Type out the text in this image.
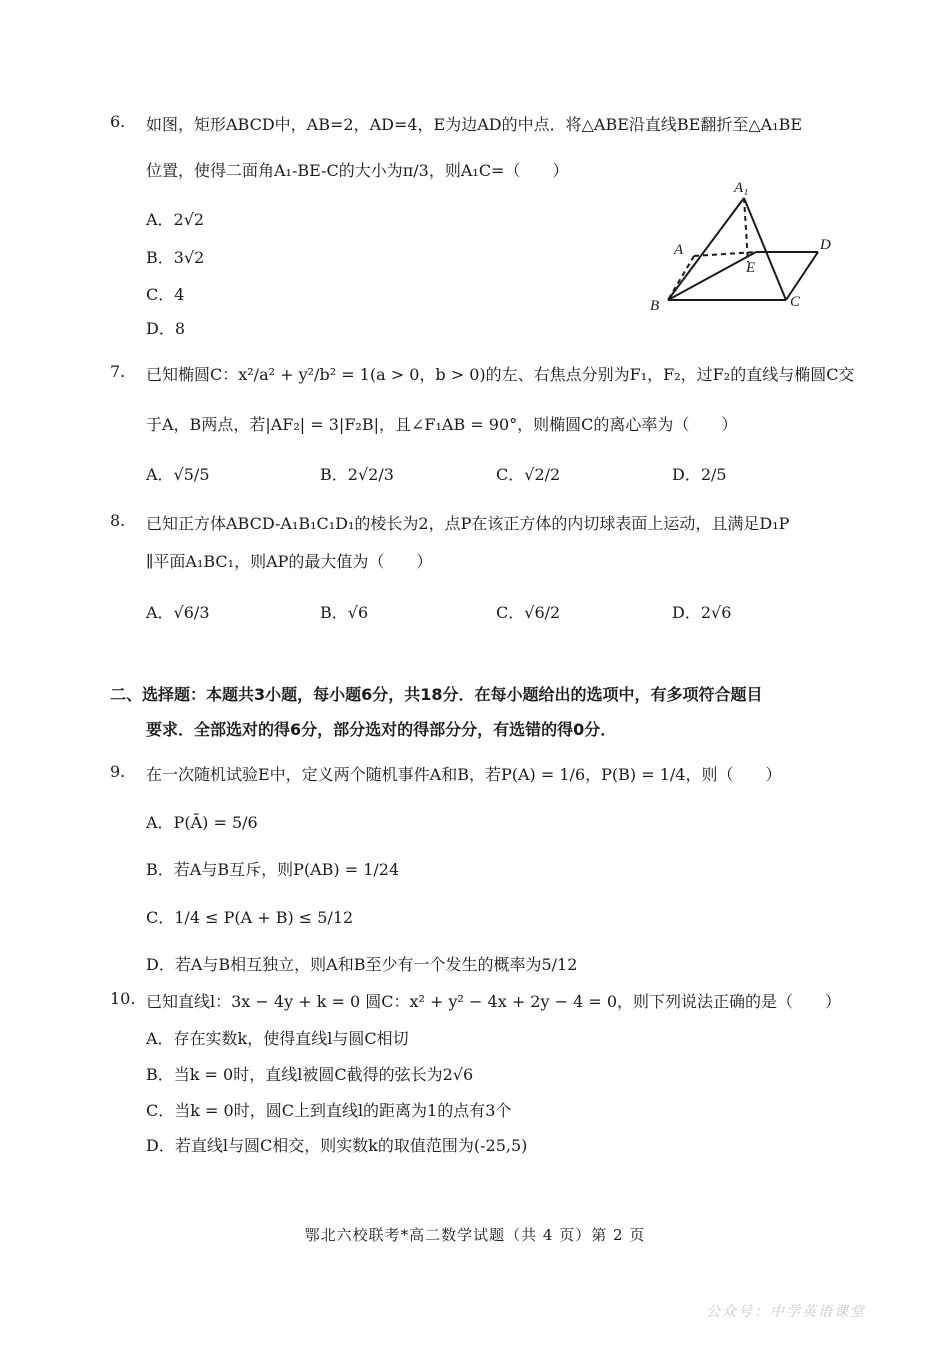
6. 如图，矩形ABCD中，AB=2，AD=4，E为边AD的中点．将△ABE沿直线BE翻折至△A₁BE
位置，使得二面角A₁-BE-C的大小为π/3，则A₁C=（　　）
A．2√2
B．3√2
C．4
D．8
A₁
A	D
E
B	C
7. 已知椭圆C：x²/a² + y²/b² = 1(a > 0，b > 0)的左、右焦点分别为F₁，F₂，过F₂的直线与椭圆C交
于A，B两点，若|AF₂| = 3|F₂B|，且∠F₁AB = 90°，则椭圆C的离心率为（　　）
A．√5/5	B．2√2/3	C．√2/2	D．2/5
8. 已知正方体ABCD-A₁B₁C₁D₁的棱长为2，点P在该正方体的内切球表面上运动，且满足D₁P
∥平面A₁BC₁，则AP的最大值为（　　）
A．√6/3	B．√6	C．√6/2	D．2√6
二、选择题：本题共3小题，每小题6分，共18分．在每小题给出的选项中，有多项符合题目
要求．全部选对的得6分，部分选对的得部分分，有选错的得0分．
9. 在一次随机试验E中，定义两个随机事件A和B，若P(A) = 1/6，P(B) = 1/4，则（　　）
A．P(Ā) = 5/6
B．若A与B互斥，则P(AB) = 1/24
C．1/4 ≤ P(A + B) ≤ 5/12
D．若A与B相互独立，则A和B至少有一个发生的概率为5/12
10. 已知直线l：3x − 4y + k = 0 圆C：x² + y² − 4x + 2y − 4 = 0，则下列说法正确的是（　　）
A．存在实数k，使得直线l与圆C相切
B．当k = 0时，直线l被圆C截得的弦长为2√6
C．当k = 0时，圆C上到直线l的距离为1的点有3个
D．若直线l与圆C相交，则实数k的取值范围为(-25,5)
鄂北六校联考*高二数学试题（共 4 页）第 2 页
公众号：中学英语课堂
